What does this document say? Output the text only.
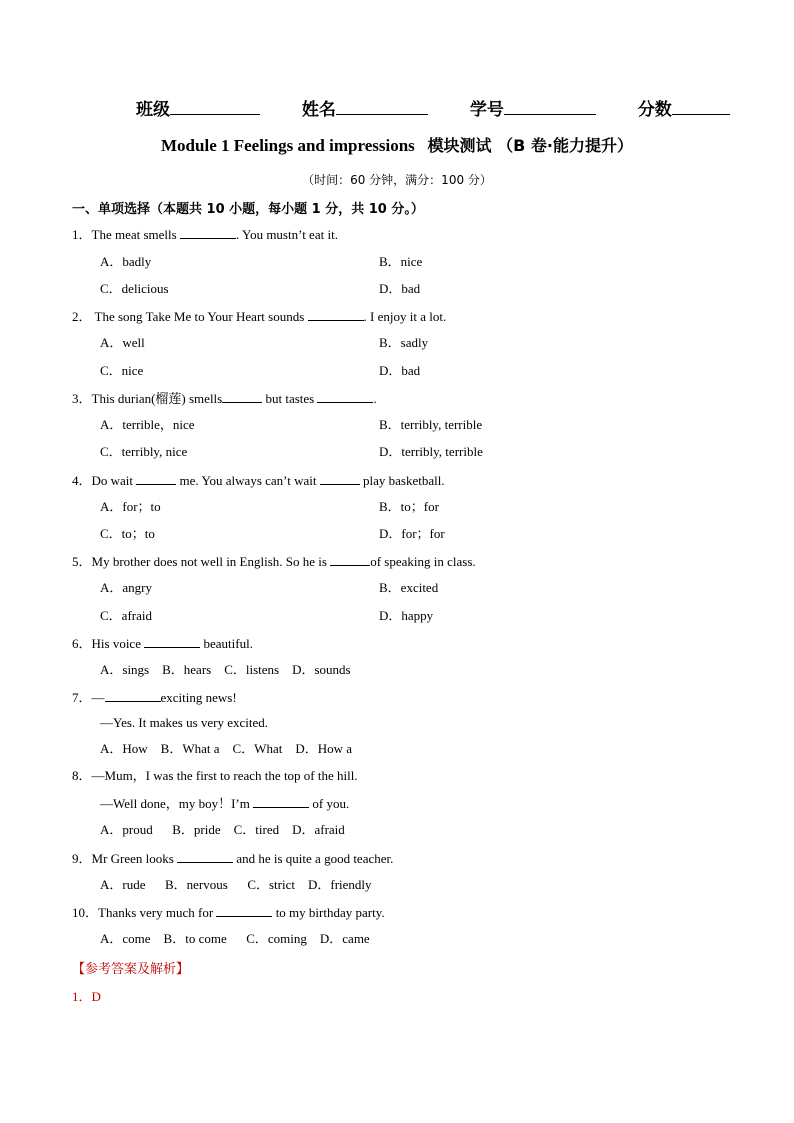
班级	姓名	学号	分数
Module 1 Feelings and impressions 模块测试 （B 卷·能力提升）
（时间：60 分钟，满分：100 分）
一、单项选择（本题共 10 小题，每小题 1 分，共 10 分。）
1．The meat smells	. You mustn’t eat it.
A．badly	B．nice
C．delicious	D．bad
2． The song Take Me to Your Heart sounds	. I enjoy it a lot.
A．well	B．sadly
C．nice	D．bad
3．This durian(榴莲) smells	but tastes	.
A．terrible，nice	B．terribly, terrible
C．terribly, nice	D．terribly, terrible
4．Do wait	me. You always can’t wait	play basketball.
A．for；to	B．to；for
C．to；to	D．for；for
5．My brother does not well in English. So he is	of speaking in class.
A．angry	B．excited
C．afraid	D．happy
6．His voice	beautiful.
A．sings    B．hears    C．listens    D．sounds
7．—	exciting news!
—Yes. It makes us very excited.
A．How    B．What a    C．What    D．How a
8．—Mum，I was the first to reach the top of the hill.
—Well done，my boy！I’m	of you.
A．proud      B．pride    C．tired    D．afraid
9．Mr Green looks	and he is quite a good teacher.
A．rude      B．nervous      C．strict    D．friendly
10．Thanks very much for	to my birthday party.
A．come    B．to come      C．coming    D．came
【参考答案及解析】
1．D
